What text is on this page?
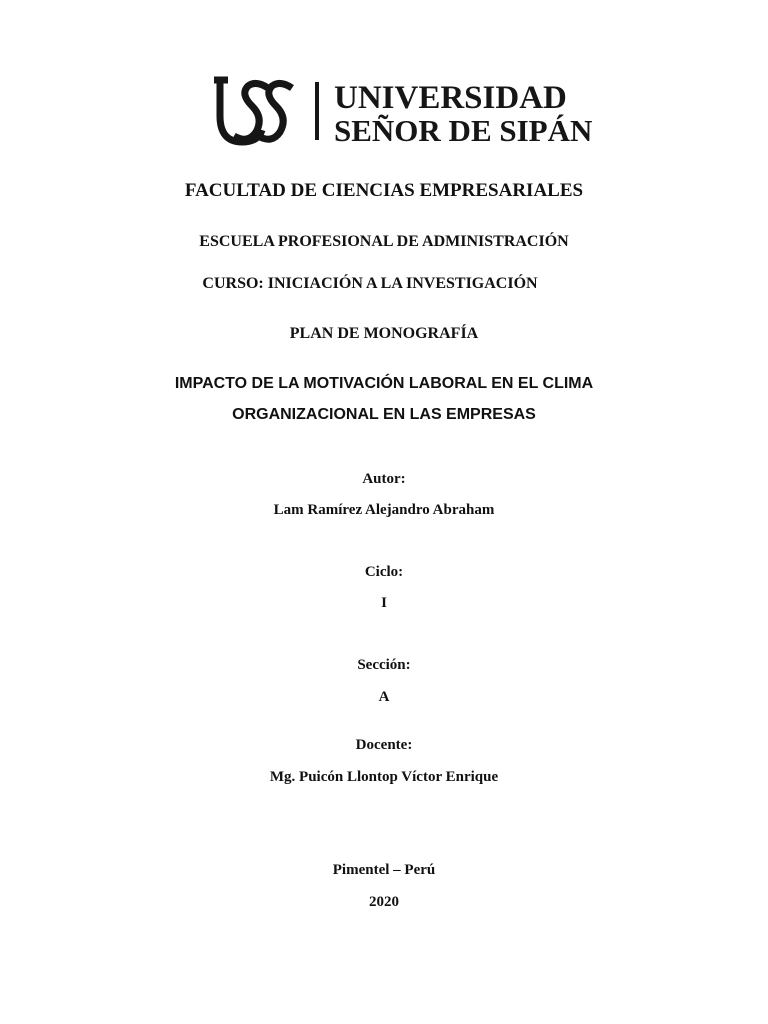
UNIVERSIDAD
SEÑOR DE SIPÁN
FACULTAD DE CIENCIAS EMPRESARIALES
ESCUELA PROFESIONAL DE ADMINISTRACIÓN
CURSO: INICIACIÓN A LA INVESTIGACIÓN
PLAN DE MONOGRAFÍA
IMPACTO DE LA MOTIVACIÓN LABORAL EN EL CLIMA
ORGANIZACIONAL EN LAS EMPRESAS
Autor:
Lam Ramírez Alejandro Abraham
Ciclo:
I
Sección:
A
Docente:
Mg. Puicón Llontop Víctor Enrique
Pimentel – Perú
2020
